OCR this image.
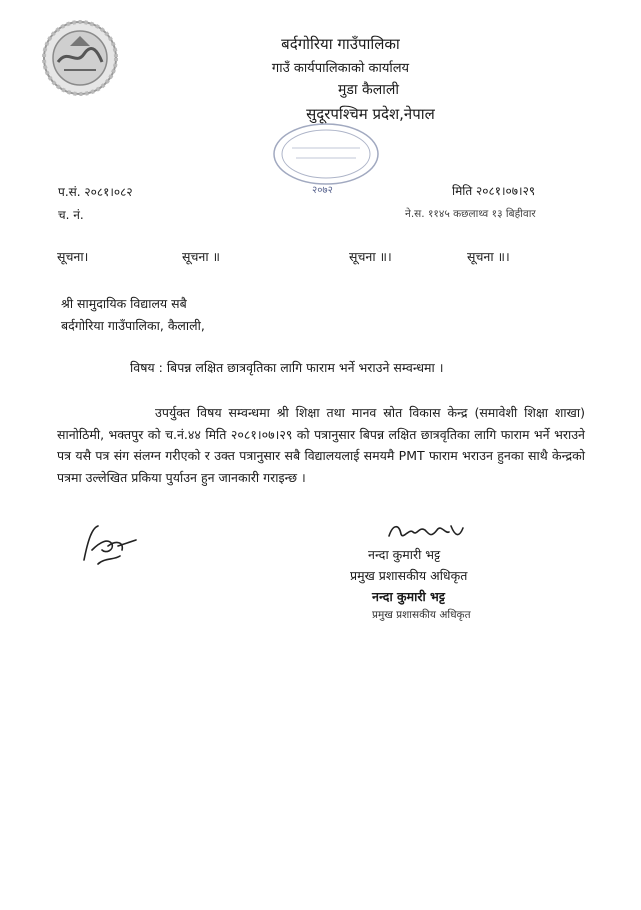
बर्दगोरिया गाउँपालिका
गाउँ कार्यपालिकाको कार्यालय
मुडा कैलाली
सुदूरपश्चिम प्रदेश,नेपाल
२०७२
प.सं. २०८१।०८२
च. नं.
मिति २०८१।०७।२९
ने.स. ११४५ कछलाथ्व १३ बिहीवार
सूचना।	सूचना ॥	सूचना ॥।	सूचना ॥।
श्री सामुदायिक विद्यालय सबै
बर्दगोरिया गाउँपालिका, कैलाली,
विषय : बिपन्न लक्षित छात्रवृतिका लागि फाराम भर्ने भराउने सम्वन्धमा ।
उपर्युक्त विषय सम्वन्धमा श्री शिक्षा तथा मानव स्रोत विकास केन्द्र (समावेशी शिक्षा शाखा) सानोठिमी, भक्तपुर को च.नं.४४ मिति २०८१।०७।२९ को पत्रानुसार बिपन्न लक्षित छात्रवृतिका लागि फाराम भर्ने भराउने पत्र यसै पत्र संग संलग्न गरीएको र उक्त पत्रानुसार सबै विद्यालयलाई समयमै PMT फाराम भराउन हुनका साथै केन्द्रको पत्रमा उल्लेखित प्रकिया पुर्याउन हुन जानकारी गराइन्छ ।
नन्दा कुमारी भट्ट
प्रमुख प्रशासकीय अधिकृत
नन्दा कुमारी भट्ट
प्रमुख प्रशासकीय अधिकृत
